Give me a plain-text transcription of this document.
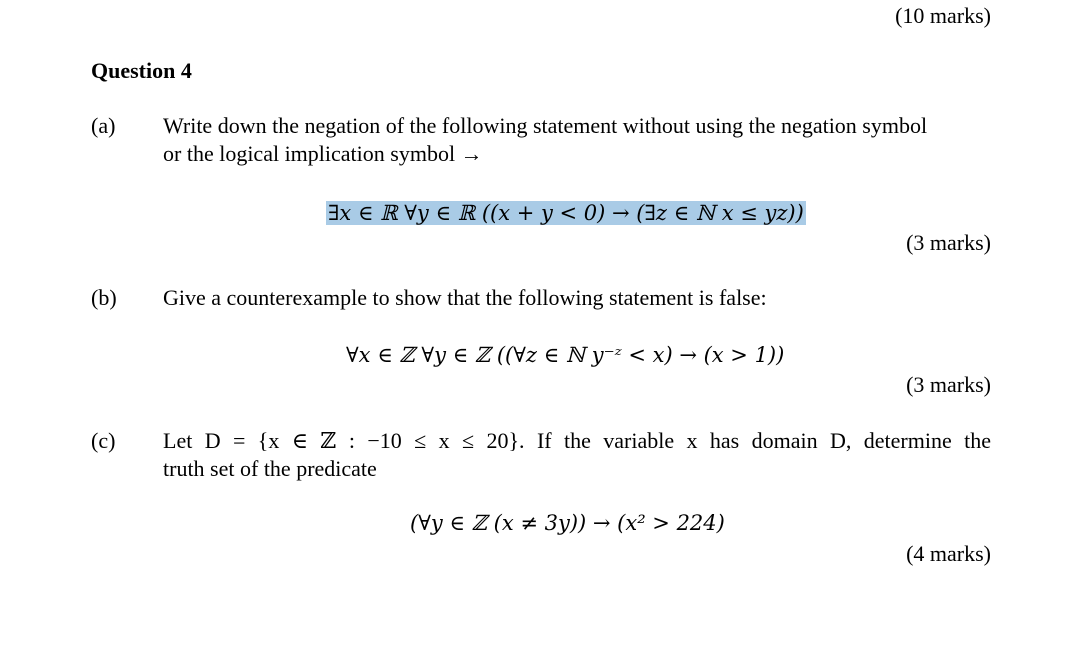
(10 marks)
Question 4
(a) Write down the negation of the following statement without using the negation symbol
or the logical implication symbol →
∃x ∈ ℝ ∀y ∈ ℝ ((x + y < 0) → (∃z ∈ ℕ x ≤ yz))
(3 marks)
(b) Give a counterexample to show that the following statement is false:
∀x ∈ ℤ ∀y ∈ ℤ ((∀z ∈ ℕ y⁻ᶻ < x) → (x > 1))
(3 marks)
(c) Let D = {x ∈ ℤ : −10 ≤ x ≤ 20}. If the variable x has domain D, determine the
truth set of the predicate
(∀y ∈ ℤ (x ≠ 3y)) → (x² > 224)
(4 marks)
